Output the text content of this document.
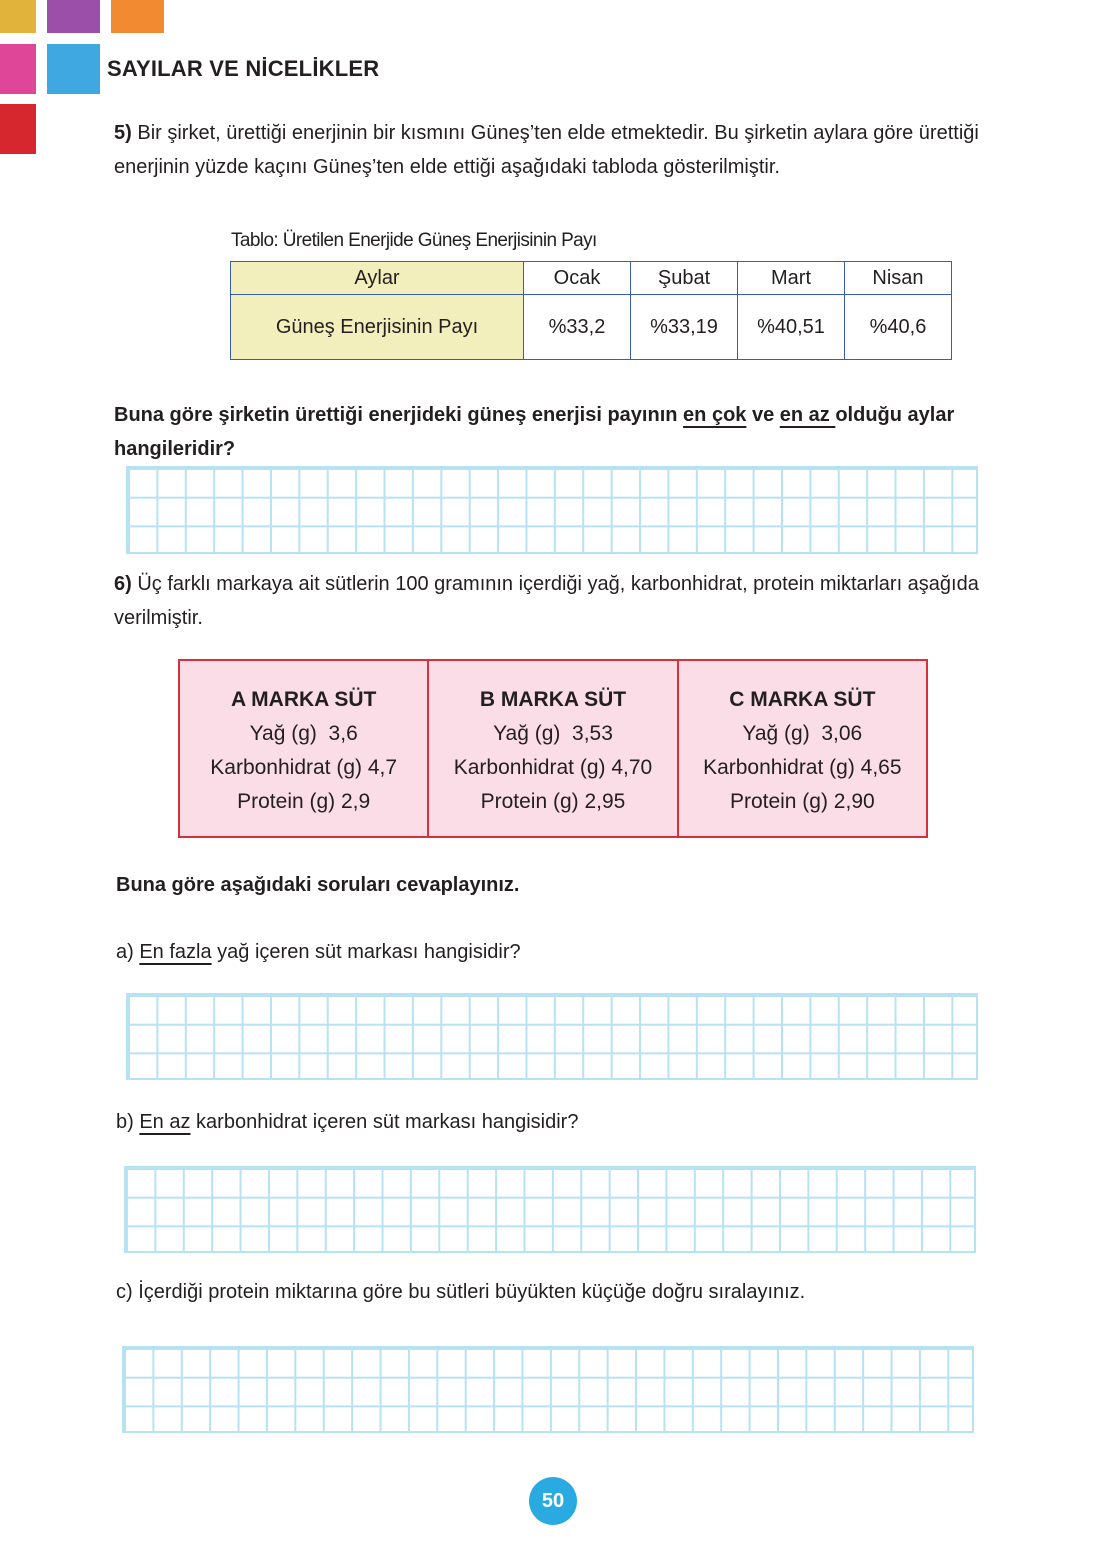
SAYILAR VE NİCELİKLER
5) Bir şirket, ürettiği enerjinin bir kısmını Güneş’ten elde etmektedir. Bu şirketin aylara göre ürettiği enerjinin yüzde kaçını Güneş’ten elde ettiği aşağıdaki tabloda gösterilmiştir.
Tablo: Üretilen Enerjide Güneş Enerjisinin Payı
Aylar	Ocak	Şubat	Mart	Nisan
Güneş Enerjisinin Payı	%33,2	%33,19	%40,51	%40,6
Buna göre şirketin ürettiği enerjideki güneş enerjisi payının en çok ve en az olduğu aylar hangileridir?
6) Üç farklı markaya ait sütlerin 100 gramının içerdiği yağ, karbonhidrat, protein miktarları aşağıda verilmiştir.
A MARKA SÜT
Yağ (g)  3,6
Karbonhidrat (g) 4,7
Protein (g) 2,9
B MARKA SÜT
Yağ (g)  3,53
Karbonhidrat (g) 4,70
Protein (g) 2,95
C MARKA SÜT
Yağ (g)  3,06
Karbonhidrat (g) 4,65
Protein (g) 2,90
Buna göre aşağıdaki soruları cevaplayınız.
a) En fazla yağ içeren süt markası hangisidir?
b) En az karbonhidrat içeren süt markası hangisidir?
c) İçerdiği protein miktarına göre bu sütleri büyükten küçüğe doğru sıralayınız.
50
